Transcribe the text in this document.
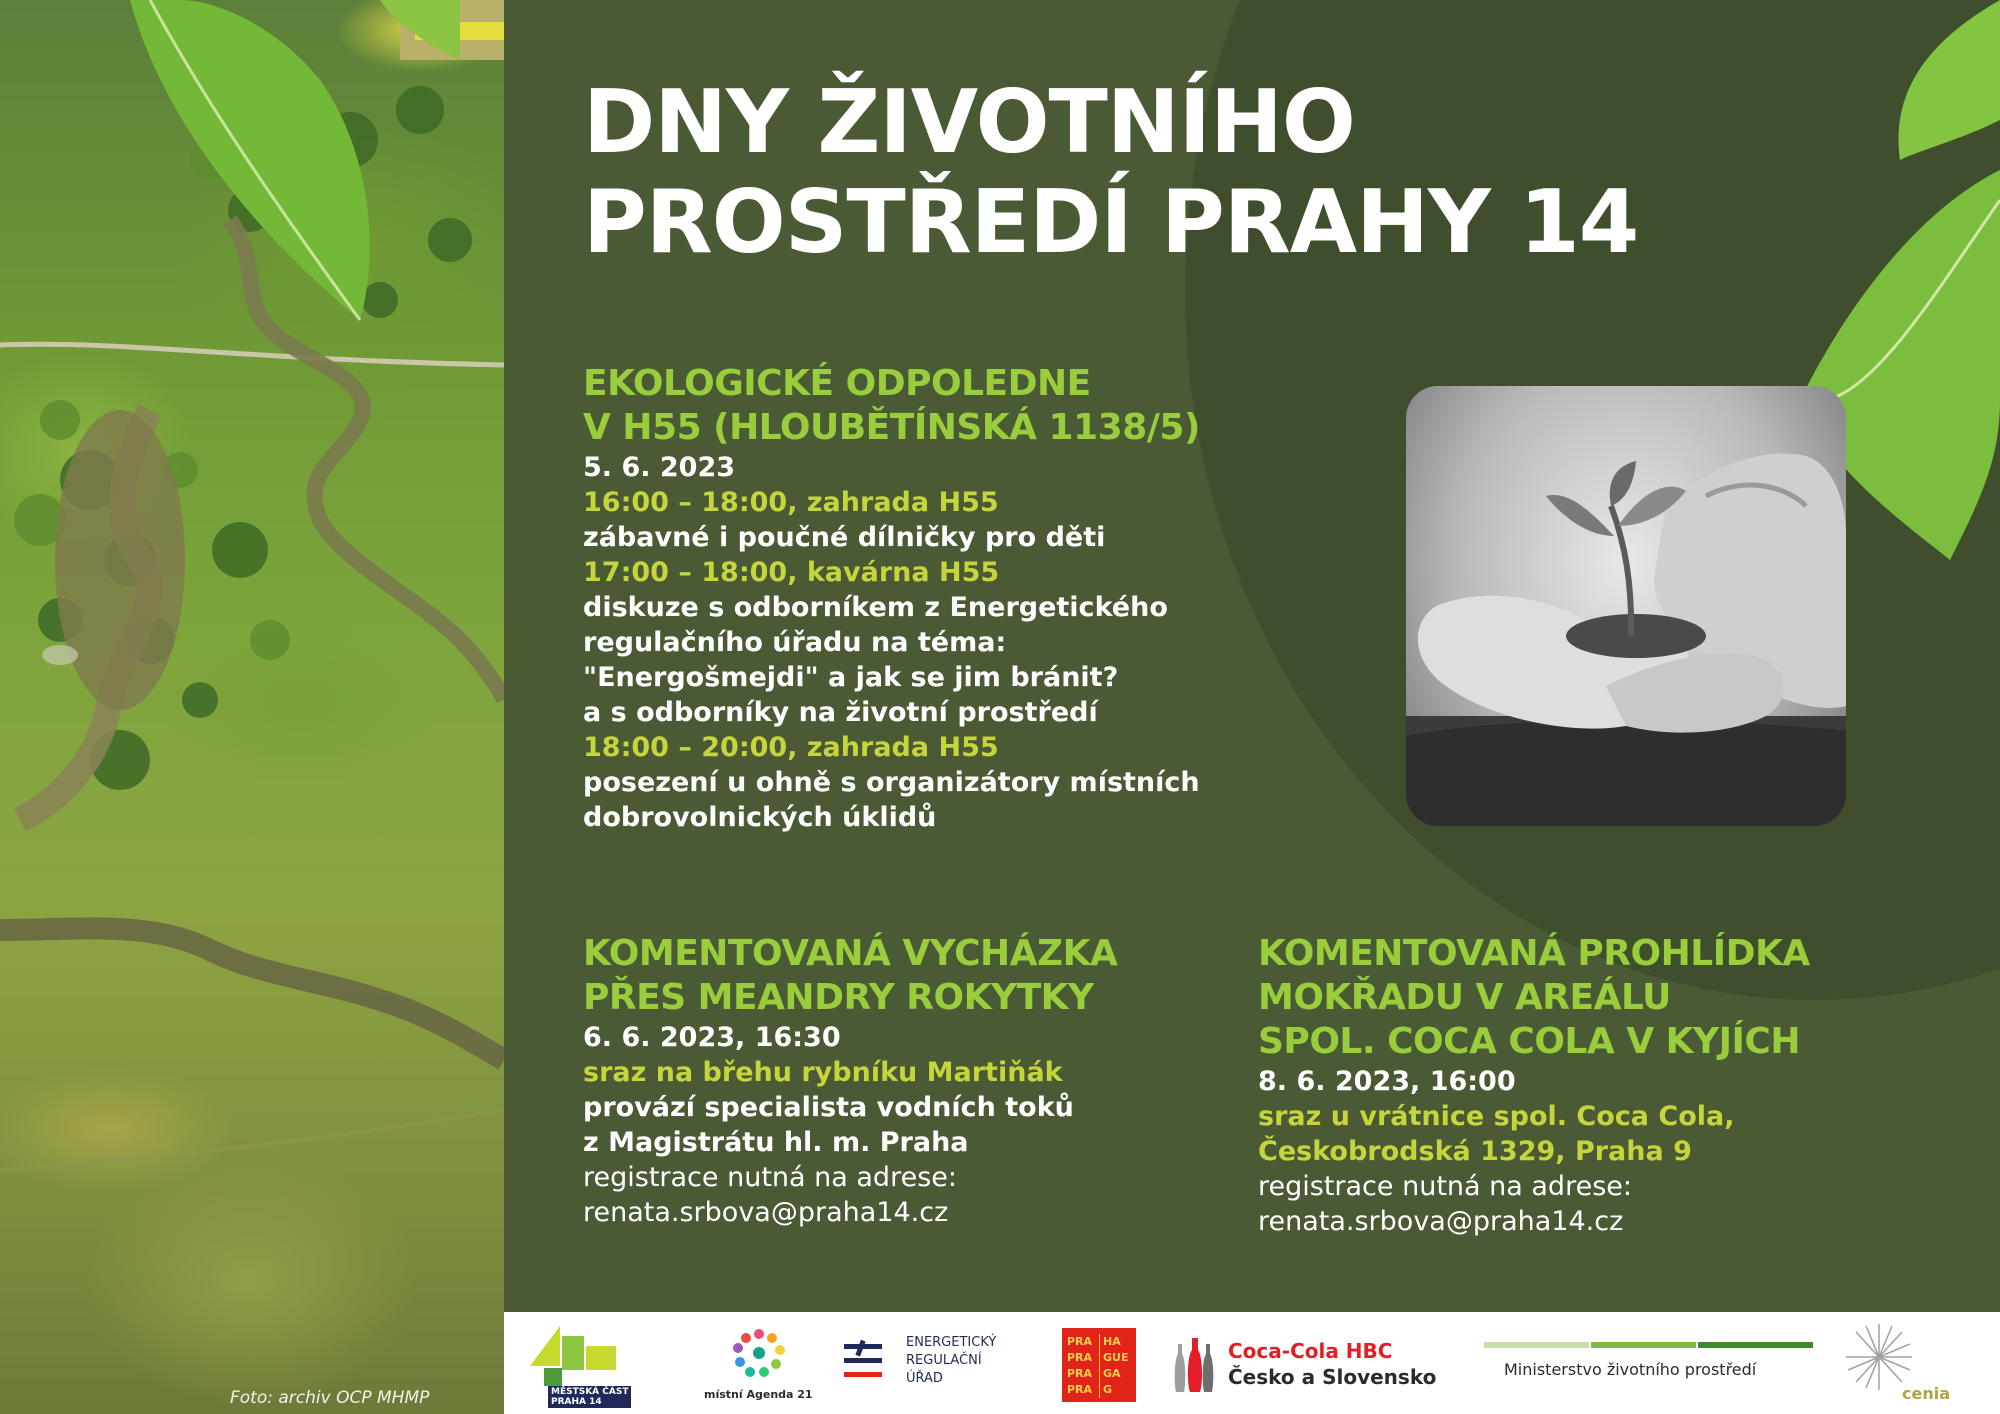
Foto: archiv OCP MHMP
DNY ŽIVOTNÍHO
PROSTŘEDÍ PRAHY 14
EKOLOGICKÉ ODPOLEDNE
V H55 (HLOUBĚTÍNSKÁ 1138/5)
5. 6. 2023
16:00 – 18:00, zahrada H55
zábavné i poučné dílničky pro děti
17:00 – 18:00, kavárna H55
diskuze s odborníkem z Energetického
regulačního úřadu na téma:
"Energošmejdi" a jak se jim bránit?
a s odborníky na životní prostředí
18:00 – 20:00, zahrada H55
posezení u ohně s organizátory místních
dobrovolnických úklidů
KOMENTOVANÁ VYCHÁZKA
PŘES MEANDRY ROKYTKY
6. 6. 2023, 16:30
sraz na břehu rybníku Martiňák
provází specialista vodních toků
z Magistrátu hl. m. Praha
registrace nutná na adrese:
renata.srbova@praha14.cz
KOMENTOVANÁ PROHLÍDKA
MOKŘADU V AREÁLU
SPOL. COCA COLA V KYJÍCH
8. 6. 2023, 16:00
sraz u vrátnice spol. Coca Cola,
Českobrodská 1329, Praha 9
registrace nutná na adrese:
renata.srbova@praha14.cz
MĚSTSKÁ ČÁST
PRAHA 14
místní Agenda 21
ENERGETICKÝ
REGULAČNÍ
ÚŘAD
PRA
PRA
PRA
PRA
HA
GUE
GA
G
Coca-Cola HBC
Česko a Slovensko	Ministerstvo životního prostředí
cenia
